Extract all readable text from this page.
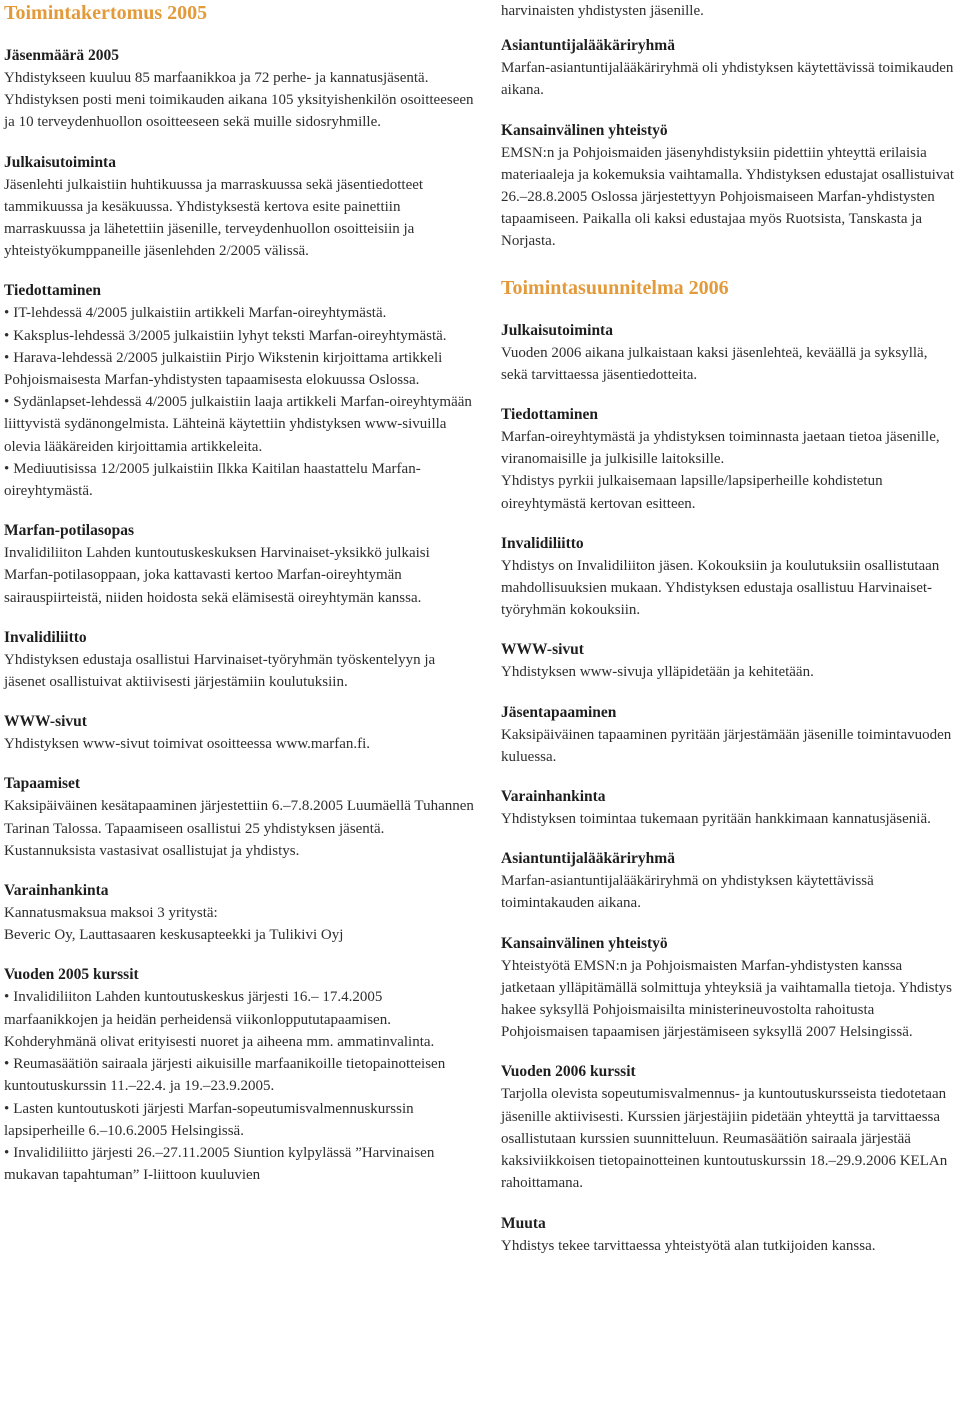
Toimintakertomus 2005
Jäsenmäärä 2005

Yhdistykseen kuuluu 85 marfaanikkoa ja 72 perhe- ja kannatusjäsentä. Yhdistyksen posti meni toimikauden aikana 105 yksityishenkilön osoitteeseen ja 10 terveydenhuollon osoitteeseen sekä muille sidosryhmille.

Julkaisutoiminta

Jäsenlehti julkaistiin huhtikuussa ja marraskuussa sekä jäsentiedotteet tammikuussa ja kesäkuussa. Yhdistyksestä kertova esite painettiin marraskuussa ja lähetettiin jäsenille, terveydenhuollon osoitteisiin ja yhteistyökumppaneille jäsenlehden 2/2005 välissä.

Tiedottaminen

• IT-lehdessä 4/2005 julkaistiin artikkeli Marfan-oireyhtymästä.

• Kaksplus-lehdessä 3/2005 julkaistiin lyhyt teksti Marfan-oireyhtymästä.

• Harava-lehdessä 2/2005 julkaistiin Pirjo Wikstenin kirjoittama artikkeli Pohjoismaisesta Marfan-yhdistysten tapaamisesta elokuussa Oslossa.

• Sydänlapset-lehdessä 4/2005 julkaistiin laaja artikkeli Marfan-oireyhtymään liittyvistä sydänongelmista. Lähteinä käytettiin yhdistyksen www-sivuilla olevia lääkäreiden kirjoittamia artikkeleita.

• Mediuutisissa 12/2005 julkaistiin Ilkka Kaitilan haastattelu Marfan-oireyhtymästä.

Marfan-potilasopas

Invalidiliiton Lahden kuntoutuskeskuksen Harvinaiset-yksikkö julkaisi Marfan-potilasoppaan, joka kattavasti kertoo Marfan-oireyhtymän sairauspiirteistä, niiden hoidosta sekä elämisestä oireyhtymän kanssa.

Invalidiliitto

Yhdistyksen edustaja osallistui Harvinaiset-työryhmän työskentelyyn ja jäsenet osallistuivat aktiivisesti järjestämiin koulutuksiin.

WWW-sivut

Yhdistyksen www-sivut toimivat osoitteessa www.marfan.fi.

Tapaamiset

Kaksipäiväinen kesätapaaminen järjestettiin 6.–7.8.2005 Luumäellä Tuhannen Tarinan Talossa. Tapaamiseen osallistui 25 yhdistyksen jäsentä. Kustannuksista vastasivat osallistujat ja yhdistys.

Varainhankinta

Kannatusmaksua maksoi 3 yritystä:

Beveric Oy, Lauttasaaren keskusapteekki ja Tulikivi Oyj

Vuoden 2005 kurssit

• Invalidiliiton Lahden kuntoutuskeskus järjesti 16.– 17.4.2005 marfaanikkojen ja heidän perheidensä viikonloppututapaamisen. Kohderyhmänä olivat erityisesti nuoret ja aiheena mm. ammatinvalinta.

• Reumasäätiön sairaala järjesti aikuisille marfaanikoille tietopainotteisen kuntoutuskurssin 11.–22.4. ja 19.–23.9.2005.

• Lasten kuntoutuskoti järjesti Marfan-sopeutumisvalmennuskurssin lapsiperheille 6.–10.6.2005 Helsingissä.

• Invalidiliitto järjesti 26.–27.11.2005 Siuntion kylpylässä ”Harvinaisen mukavan tapahtuman” I-liittoon kuuluvien

harvinaisten yhdistysten jäsenille.

Asiantuntijalääkäriryhmä

Marfan-asiantuntijalääkäriryhmä oli yhdistyksen käytettävissä toimikauden aikana.

Kansainvälinen yhteistyö

EMSN:n ja Pohjoismaiden jäsenyhdistyksiin pidettiin yhteyttä erilaisia materiaaleja ja kokemuksia vaihtamalla. Yhdistyksen edustajat osallistuivat 26.–28.8.2005 Oslossa järjestettyyn Pohjoismaiseen Marfan-yhdistysten tapaamiseen. Paikalla oli kaksi edustajaa myös Ruotsista, Tanskasta ja Norjasta.

Toimintasuunnitelma 2006
Julkaisutoiminta

Vuoden 2006 aikana julkaistaan kaksi jäsenlehteä, keväällä ja syksyllä, sekä tarvittaessa jäsentiedotteita.

Tiedottaminen

Marfan-oireyhtymästä ja yhdistyksen toiminnasta jaetaan tietoa jäsenille, viranomaisille ja julkisille laitoksille.

Yhdistys pyrkii julkaisemaan lapsille/lapsiperheille kohdistetun oireyhtymästä kertovan esitteen.

Invalidiliitto

Yhdistys on Invalidiliiton jäsen. Kokouksiin ja koulutuksiin osallistutaan mahdollisuuksien mukaan. Yhdistyksen edustaja osallistuu Harvinaiset-työryhmän kokouksiin.

WWW-sivut

Yhdistyksen www-sivuja ylläpidetään ja kehitetään.

Jäsentapaaminen

Kaksipäiväinen tapaaminen pyritään järjestämään jäsenille toimintavuoden kuluessa.

Varainhankinta

Yhdistyksen toimintaa tukemaan pyritään hankkimaan kannatusjäseniä.

Asiantuntijalääkäriryhmä

Marfan-asiantuntijalääkäriryhmä on yhdistyksen käytettävissä toimintakauden aikana.

Kansainvälinen yhteistyö

Yhteistyötä EMSN:n ja Pohjoismaisten Marfan-yhdistysten kanssa jatketaan ylläpitämällä solmittuja yhteyksiä ja vaihtamalla tietoja. Yhdistys hakee syksyllä Pohjoismaisilta ministerineuvostolta rahoitusta Pohjoismaisen tapaamisen järjestämiseen syksyllä 2007 Helsingissä.

Vuoden 2006 kurssit

Tarjolla olevista sopeutumisvalmennus- ja kuntoutuskursseista tiedotetaan jäsenille aktiivisesti. Kurssien järjestäjiin pidetään yhteyttä ja tarvittaessa osallistutaan kurssien suunnitteluun. Reumasäätiön sairaala järjestää kaksiviikkoisen tietopainotteinen kuntoutuskurssin 18.–29.9.2006 KELAn rahoittamana.

Muuta

Yhdistys tekee tarvittaessa yhteistyötä alan tutkijoiden kanssa.
